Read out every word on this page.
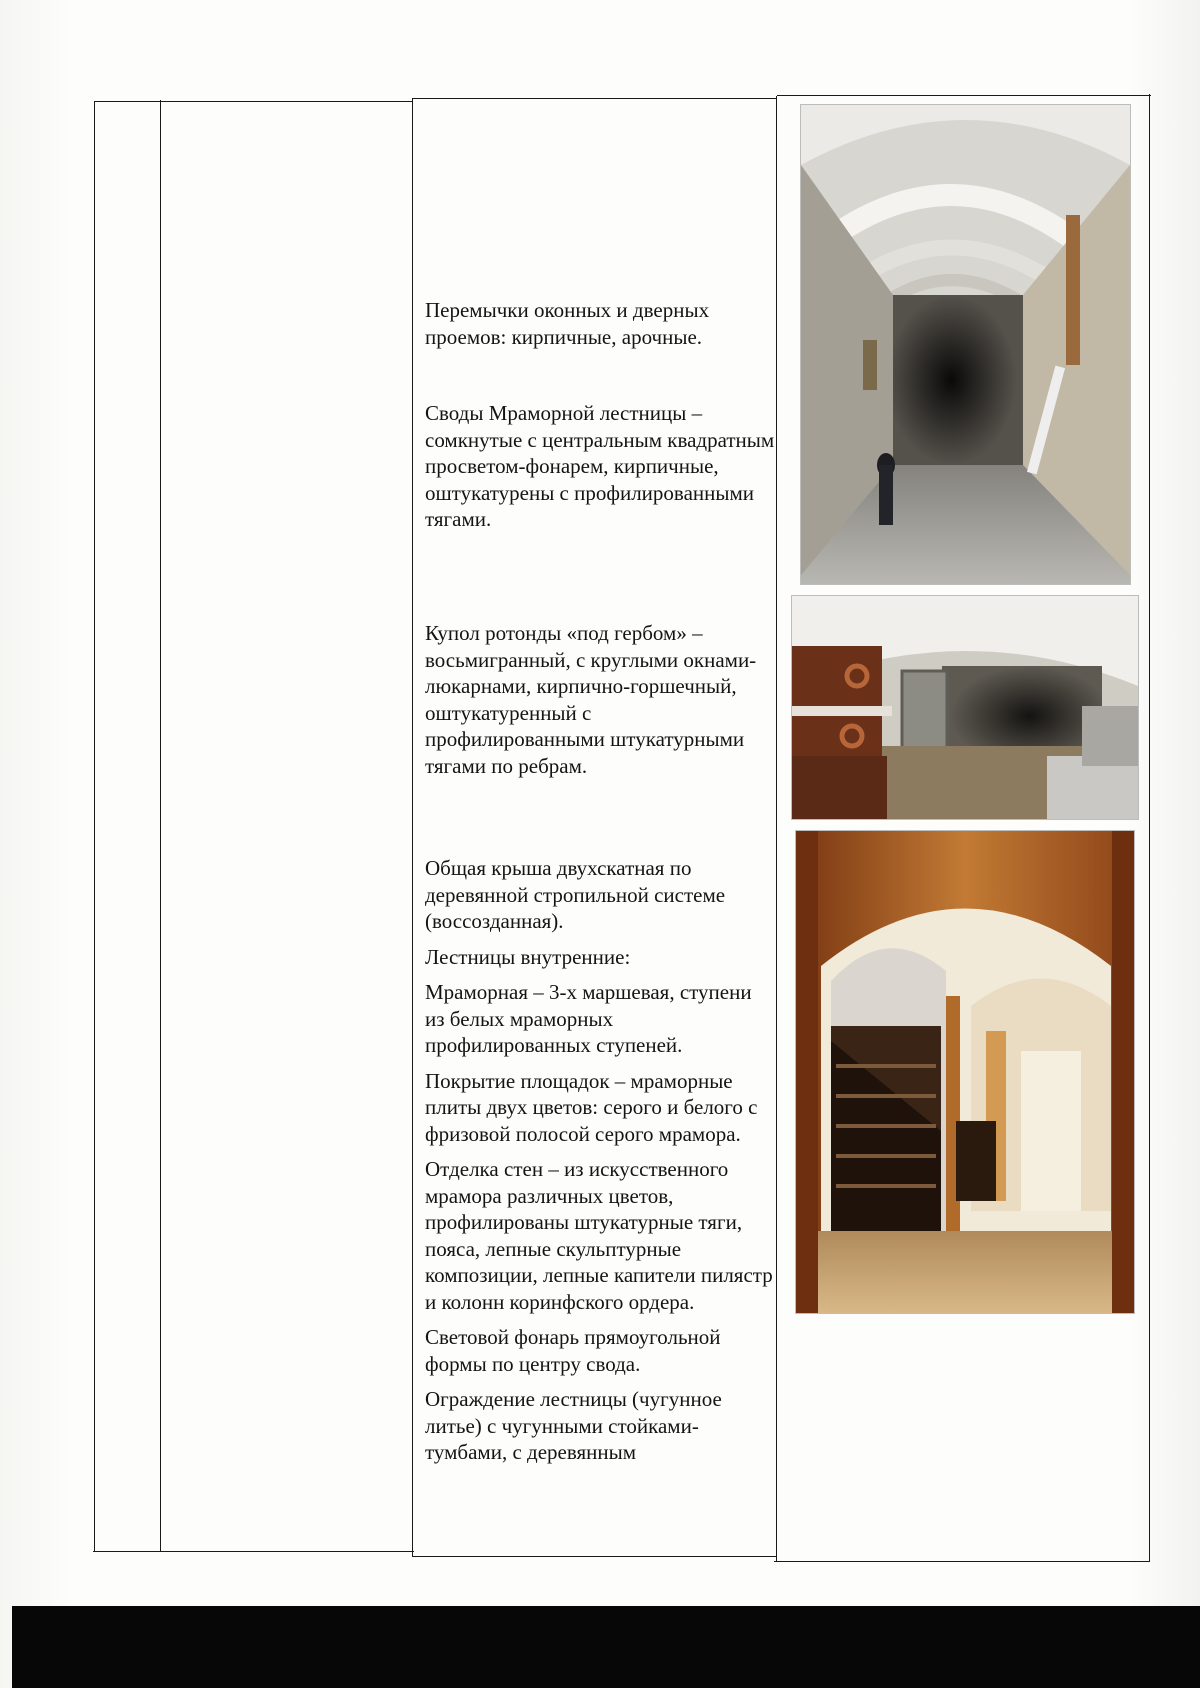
Перемычки оконных и дверных проемов: кирпичные, арочные.

Своды Мраморной лестницы – сомкнутые с центральным квадратным просветом-фонарем, кирпичные, оштукатурены с профилированными тягами.

Купол ротонды «под гербом» – восьмигранный, с круглыми окнами-люкарнами, кирпично-горшечный, оштукатуренный с профилированными штукатурными тягами по ребрам.

Общая крыша двухскатная по деревянной стропильной системе (воссозданная).

Лестницы внутренние:

Мраморная – 3-х маршевая, ступени из белых мраморных профилированных ступеней.

Покрытие площадок – мраморные плиты двух цветов: серого и белого с фризовой полосой серого мрамора.

Отделка стен – из искусственного мрамора различных цветов, профилированы штукатурные тяги, пояса, лепные скульптурные композиции, лепные капители пилястр и колонн коринфского ордера.

Световой фонарь прямоугольной формы по центру свода.

Ограждение лестницы (чугунное литье) с чугунными стойками-тумбами, с деревянным
